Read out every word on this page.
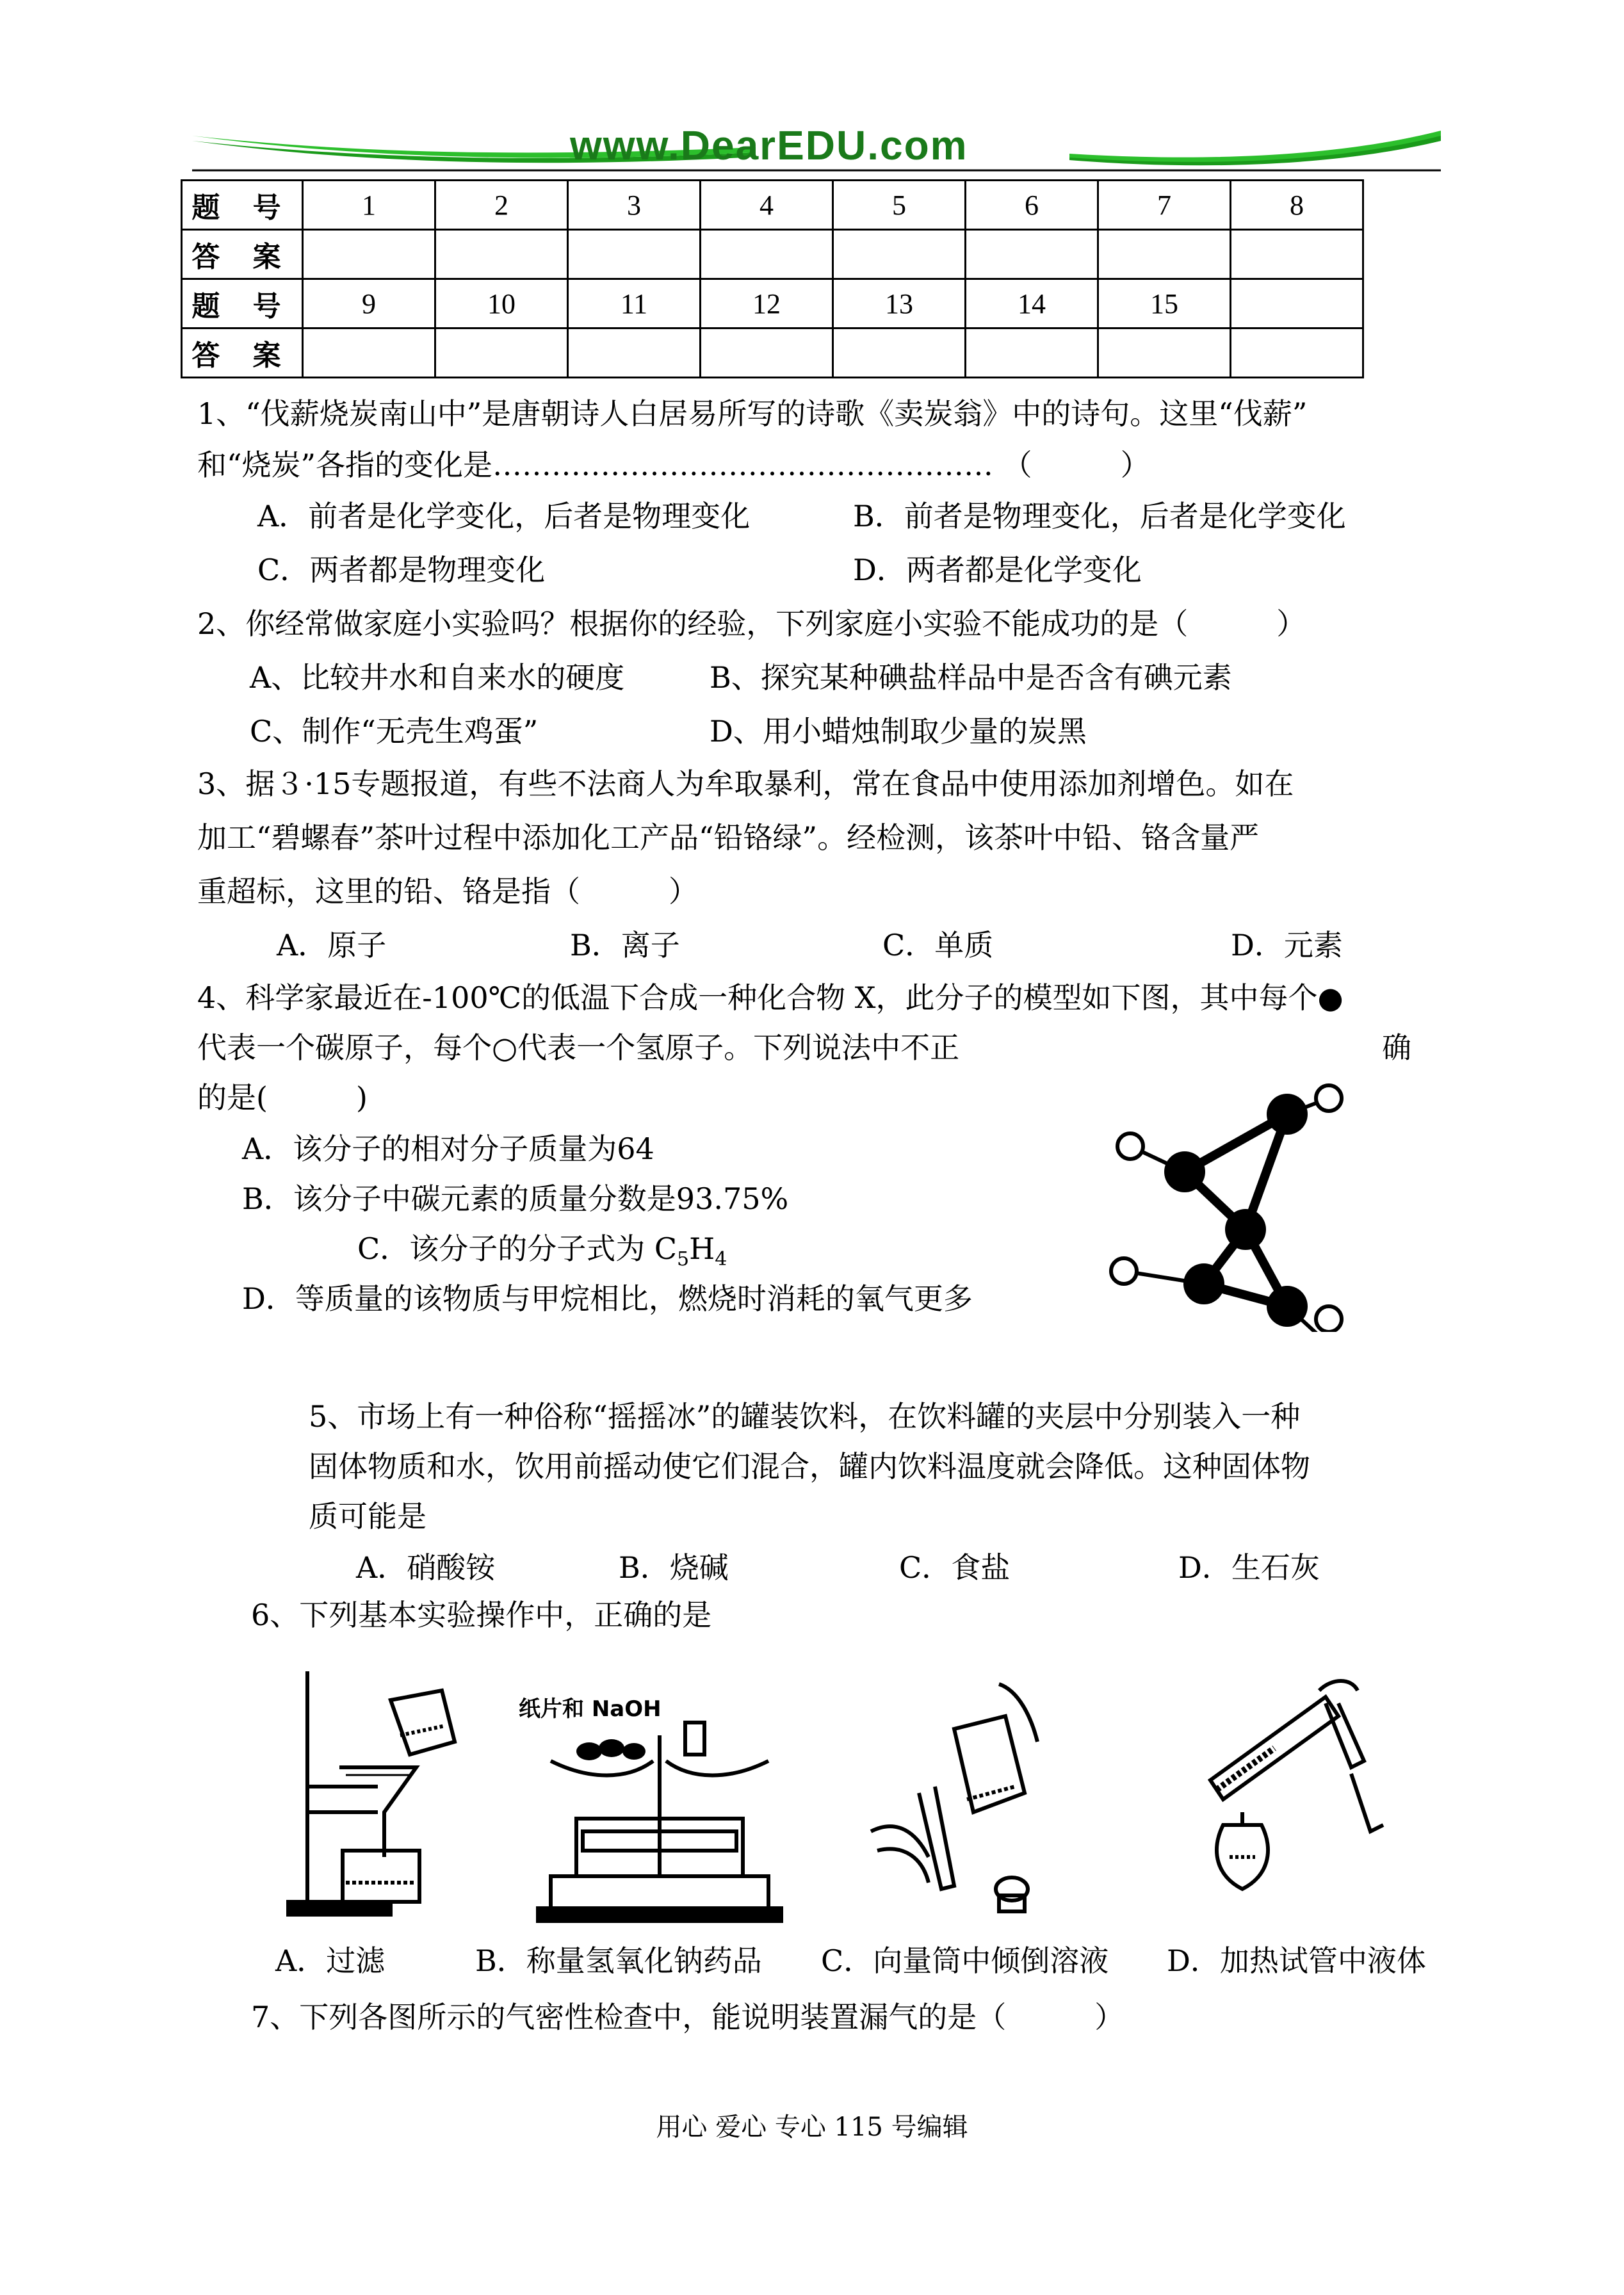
www.DearEDU.com
题 号	1	2	3	4	5	6	7	8
答 案								
题 号	9	10	11	12	13	14	15	
答 案								
1、“伐薪烧炭南山中”是唐朝诗人白居易所写的诗歌《卖炭翁》中的诗句。这里“伐薪”
和“烧炭”各指的变化是…………………………………………… （　　　）
A．前者是化学变化，后者是物理变化	B．前者是物理变化，后者是化学变化
C．两者都是物理变化	D．两者都是化学变化
2、你经常做家庭小实验吗？根据你的经验，下列家庭小实验不能成功的是（　　　）
A、比较井水和自来水的硬度	B、探究某种碘盐样品中是否含有碘元素
C、制作“无壳生鸡蛋”	D、用小蜡烛制取少量的炭黑
3、据３·15专题报道，有些不法商人为牟取暴利，常在食品中使用添加剂增色。如在
加工“碧螺春”茶叶过程中添加化工产品“铅铬绿”。经检测，该茶叶中铅、铬含量严
重超标，这里的铅、铬是指（　　　）
A．原子	B．离子	C．单质	D．元素
4、科学家最近在-100℃的低温下合成一种化合物 X，此分子的模型如下图，其中每个●
代表一个碳原子，每个○代表一个氢原子。下列说法中不正	确
的是(　　　)
A．该分子的相对分子质量为64
B．该分子中碳元素的质量分数是93.75%
C．该分子的分子式为 $C_5H_4$
D．等质量的该物质与甲烷相比，燃烧时消耗的氧气更多
5、市场上有一种俗称“摇摇冰”的罐装饮料，在饮料罐的夹层中分别装入一种
固体物质和水，饮用前摇动使它们混合，罐内饮料温度就会降低。这种固体物
质可能是
A．硝酸铵	B．烧碱	C．食盐	D．生石灰
6、下列基本实验操作中，正确的是
纸片和 NaOH
A．过滤	B．称量氢氧化钠药品 C．向量筒中倾倒溶液 D．加热试管中液体
7、下列各图所示的气密性检查中，能说明装置漏气的是（　　　）
用心 爱心 专心 115 号编辑
